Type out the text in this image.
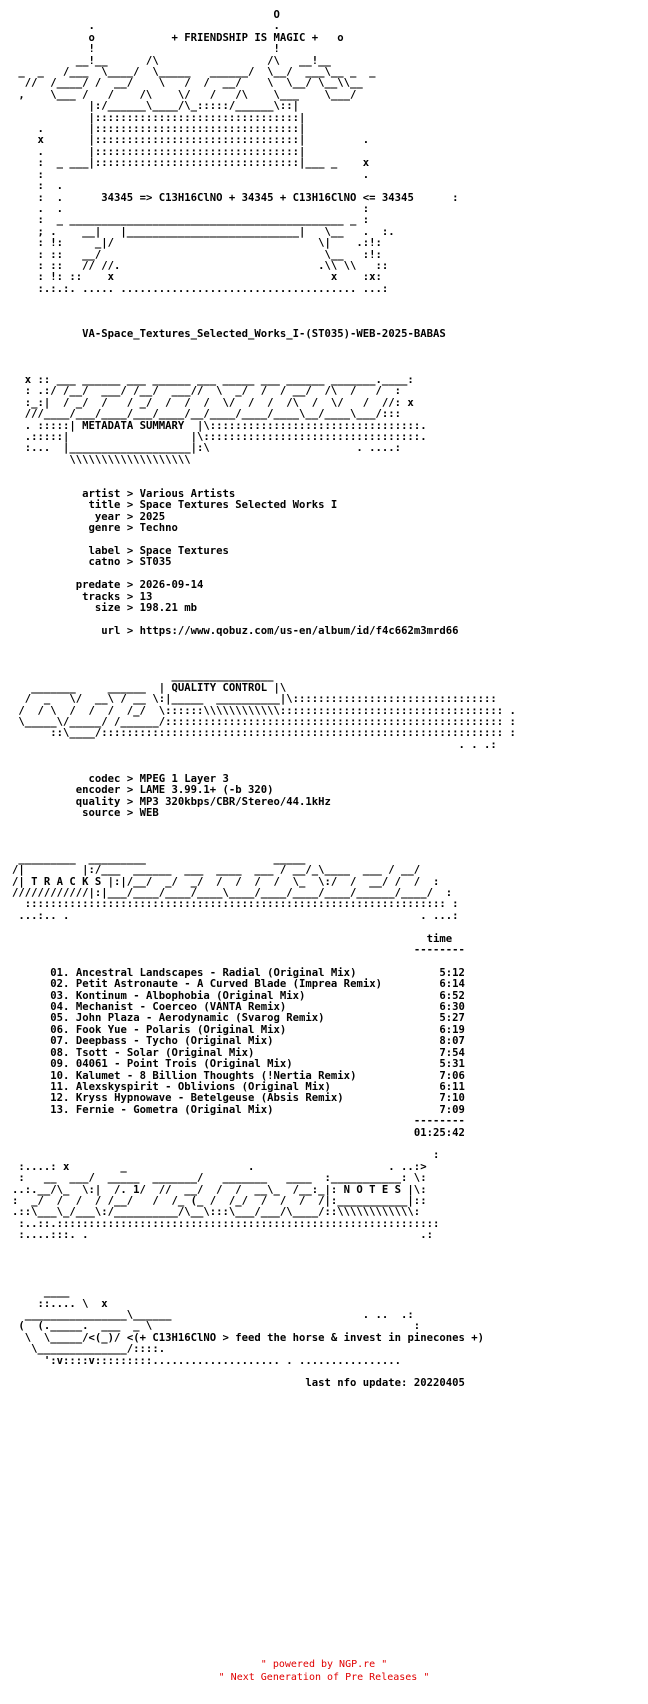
O
.                            .
o            + FRIENDSHIP IS MAGIC +   o
!                            !
__!__      /\                 /\   __!__
_  _   /___  \____/  \_____   ______/  \__/  ___\__ _  _
//  /____/ /  __/    \   /  /  __/    \  \__/ \__\\__
,    \___ /   /    /\    \/   /   /\    \___    \___/
|:/______\____/\_:::::/______\::|
|::::::::::::::::::::::::::::::::|
.       |::::::::::::::::::::::::::::::::|
x       |::::::::::::::::::::::::::::::::|         .
.       |::::::::::::::::::::::::::::::::|
:  _ ___|::::::::::::::::::::::::::::::::|___ _    x
:                                                  .
:  .
:  .      34345 => C13H16ClNO + 34345 + C13H16ClNO <= 34345      :
.  .                                               :
:  _ ___________________________________________ _ :
; .    __|   |___________________________|   \__   .  :.
: !:     _|/                                \|    .:!:
: ::   __/                                   \__   :!:
: ::   // //.                               .\\ \\   ::
: !: ::    x                                  x    :x:
:.:.:. ..... ..................................... ...:
VA-Space_Textures_Selected_Works_I-(ST035)-WEB-2025-BABAS
x :: ___ ______ ___ ______ ___ _____ ___ ______ _______.____:
: .:/ /__/  ___/ /__/  ___//  \  _/  /  / __/  /\  /   /  :
:_:|  / _/  /   / _/  /  /  /  \/  /  /  /\  /  \/   /  //: x
///____/___/____/___/____/__/____/____/____\__/____\___/:::
. :::::| METADATA SUMMARY  |\:::::::::::::::::::::::::::::::::.
.:::::|                   |\::::::::::::::::::::::::::::::::::.
:...  |___________________|:\                       . ....:
\\\\\\\\\\\\\\\\\\\
artist > Various Artists
title > Space Textures Selected Works I
year > 2025
genre > Techno

label > Space Textures
catno > ST035

predate > 2026-09-14
tracks > 13
size > 198.21 mb

url > https://www.qobuz.com/us-en/album/id/f4c662m3mrd66
________________
_______     ______  | QUALITY CONTROL |\
/  _   \/  __\ / __ \:|_____  __________|\::::::::::::::::::::::::::::::::
/  / \  /  /  /  /_/  \::::::\\\\\\\\\\\\::::::::::::::::::::::::::::::::::: .
\_____\/_____/ /______/::::::::::::::::::::::::::::::::::::::::::::::::::::: :
::\____/::::::::::::::::::::::::::::::::::::::::::::::::::::::::::::::: :
. . .:
codec > MPEG 1 Layer 3
encoder > LAME 3.99.1+ (-b 320)
quality > MP3 320kbps/CBR/Stereo/44.1kHz
source > WEB
_________  _________                    _____
/|         |:/___  ______  ___  ____  ___ / __/_\____  ___ / __/
/| T R A C K S |:|/__/  _/  _/  /  /  /  /  \_  \:/  /  __/ /  /  :
////////////|:|___/____/____/____\____/____/____/____/______/____/  :
:::::::::::::::::::::::::::::::::::::::::::::::::::::::::::::::::: :
...:.. .                                                       . ...:
time
--------
01. Ancestral Landscapes - Radial (Original Mix)	5:12
02. Petit Astronaute - A Curved Blade (Imprea Remix)	6:14
03. Kontinum - Albophobia (Original Mix)	6:52
04. Mechanist - Coerceo (VANTA Remix)	6:30
05. John Plaza - Aerodynamic (Svarog Remix)	5:27
06. Fook Yue - Polaris (Original Mix)	6:19
07. Deepbass - Tycho (Original Mix)	8:07
08. Tsott - Solar (Original Mix)	7:54
09. 04061 - Point Trois (Original Mix)	5:31
10. Kalumet - 8 Billion Thoughts (!Nertia Remix)	7:06
11. Alexskyspirit - Oblivions (Original Mix)	6:11
12. Kryss Hypnowave - Betelgeuse (Absis Remix)	7:10
13. Fernie - Gometra (Original Mix)	7:09
--------
01:25:42
:
:....: x        _                   .                     . ..:>
:   __  ___/  _____  _______/   _______   ____  :___________: \:
..:.__/\_  \:|  /. 1/  //  __/  /  /  __\_  /__:_|: N O T E S |\:
:  _/  /  /  / /__/   /  /_ (_ /  /_/  /  /  /  /|:___________|::
.::\___\_/___\:/__________/\__\:::\___/___/\____/::\\\\\\\\\\\\:
:..::.::::::::::::::::::::::::::::::::::::::::::::::::::::::::::::
:....:::. .                                                    .:
____
::.... \  x
________________\______                              . ..  .:
(  (._____.  ___  _ \                                         :
\  \_____/<(_)/ <(+ C13H16ClNO > feed the horse & invest in pinecones +)
\______________/::::.
':v::::v:::::::::.................... . ................
last nfo update: 20220405
" powered by NGP.re "
" Next Generation of Pre Releases "
